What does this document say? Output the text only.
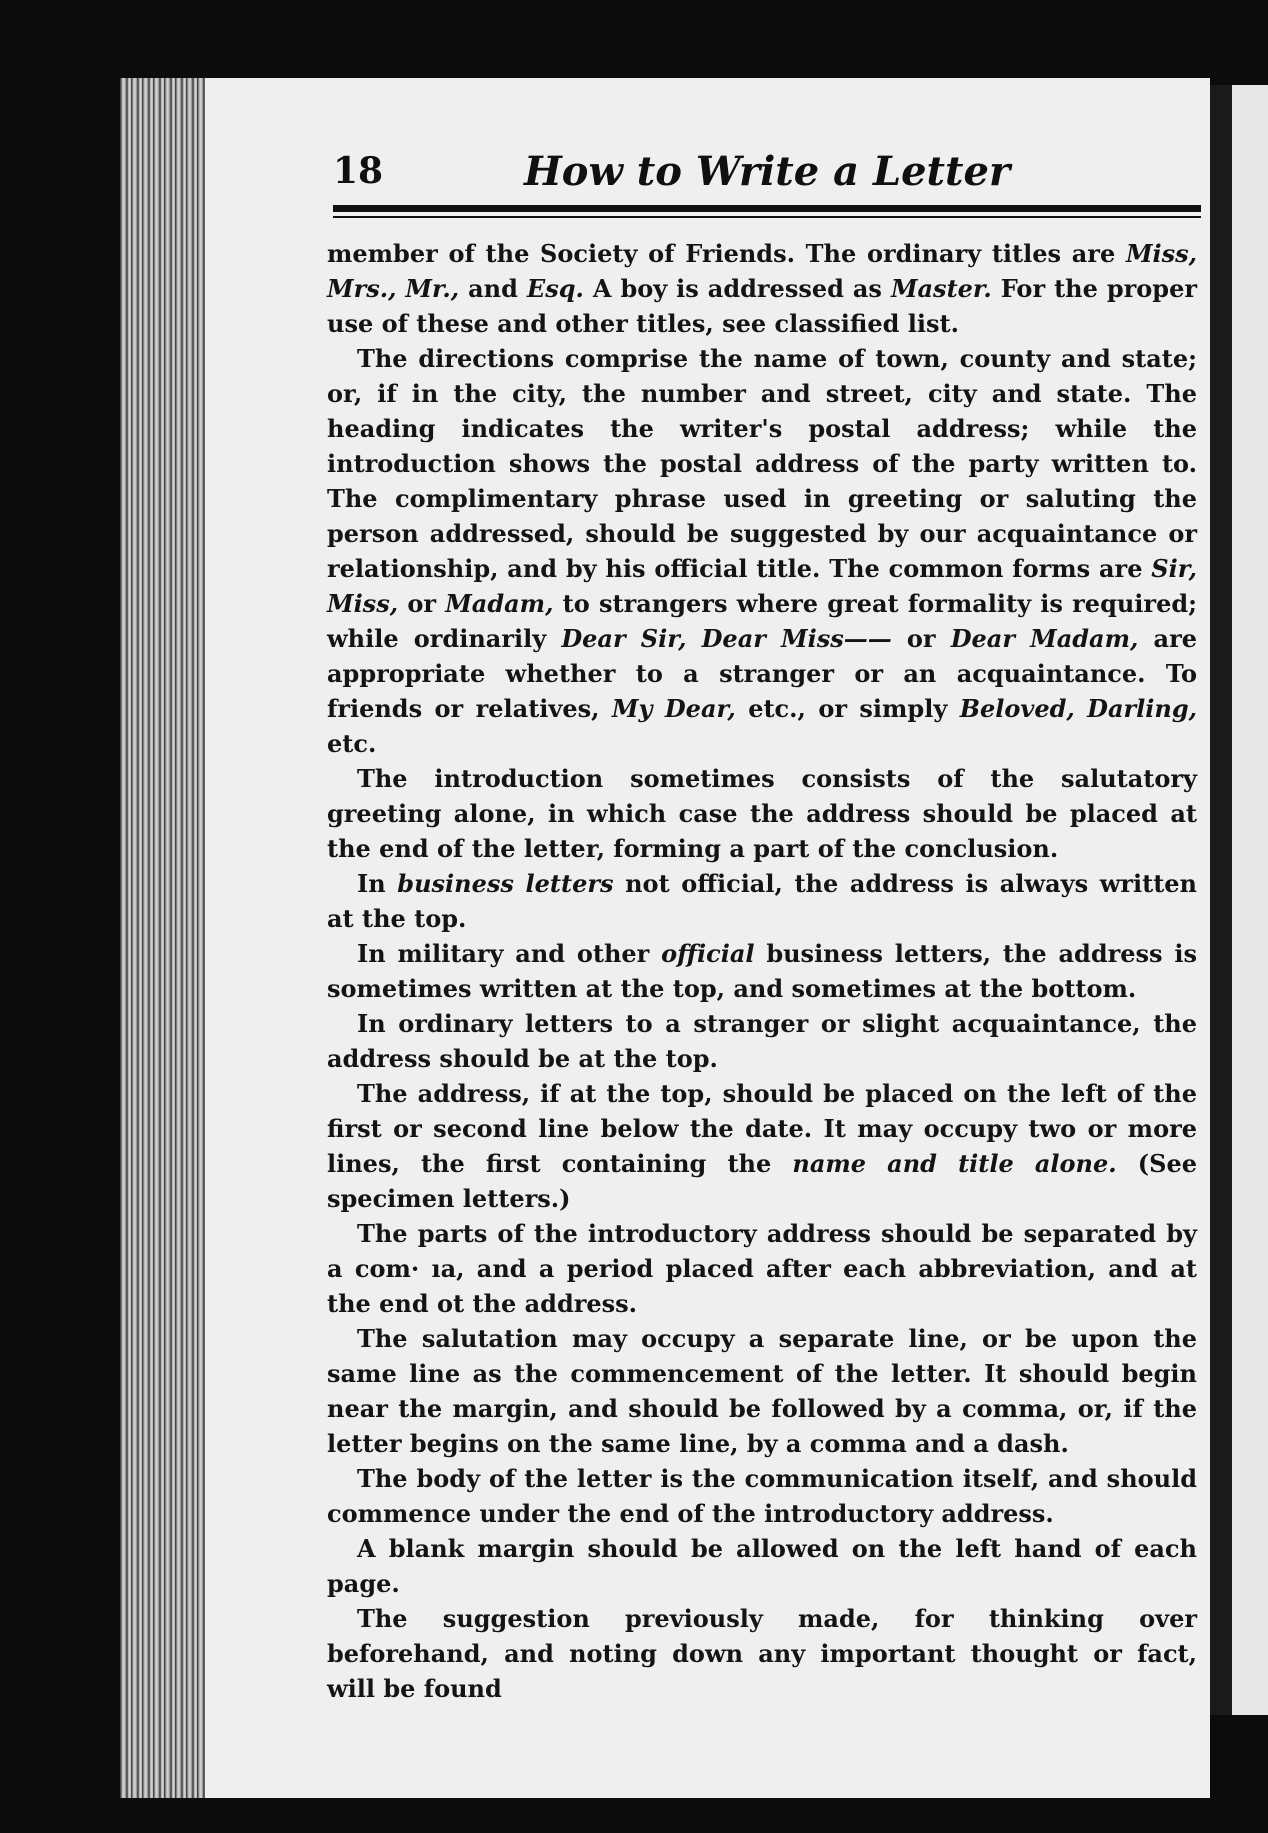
18	How to Write a Letter

member of the Society of Friends. The ordinary titles are Miss, Mrs., Mr., and Esq. A boy is addressed as Master. For the proper use of these and other titles, see classified list.

The directions comprise the name of town, county and state; or, if in the city, the number and street, city and state. The heading indicates the writer's postal address; while the introduction shows the postal address of the party written to. The complimentary phrase used in greeting or saluting the person addressed, should be suggested by our acquaintance or relationship, and by his official title. The common forms are Sir, Miss, or Madam, to strangers where great formality is required; while ordinarily Dear Sir, Dear Miss—— or Dear Madam, are appropriate whether to a stranger or an acquaintance. To friends or relatives, My Dear, etc., or simply Beloved, Darling, etc.

The introduction sometimes consists of the salutatory greeting alone, in which case the address should be placed at the end of the letter, forming a part of the conclusion.

In business letters not official, the address is always written at the top.

In military and other official business letters, the address is sometimes written at the top, and sometimes at the bottom.

In ordinary letters to a stranger or slight acquaintance, the address should be at the top.

The address, if at the top, should be placed on the left of the first or second line below the date. It may occupy two or more lines, the first containing the name and title alone. (See specimen letters.)

The parts of the introductory address should be separated by a com· ıa, and a period placed after each abbreviation, and at the end ot the address.

The salutation may occupy a separate line, or be upon the same line as the commencement of the letter. It should begin near the margin, and should be followed by a comma, or, if the letter begins on the same line, by a comma and a dash.

The body of the letter is the communication itself, and should commence under the end of the introductory address.

A blank margin should be allowed on the left hand of each page.

The suggestion previously made, for thinking over beforehand, and noting down any important thought or fact, will be found
